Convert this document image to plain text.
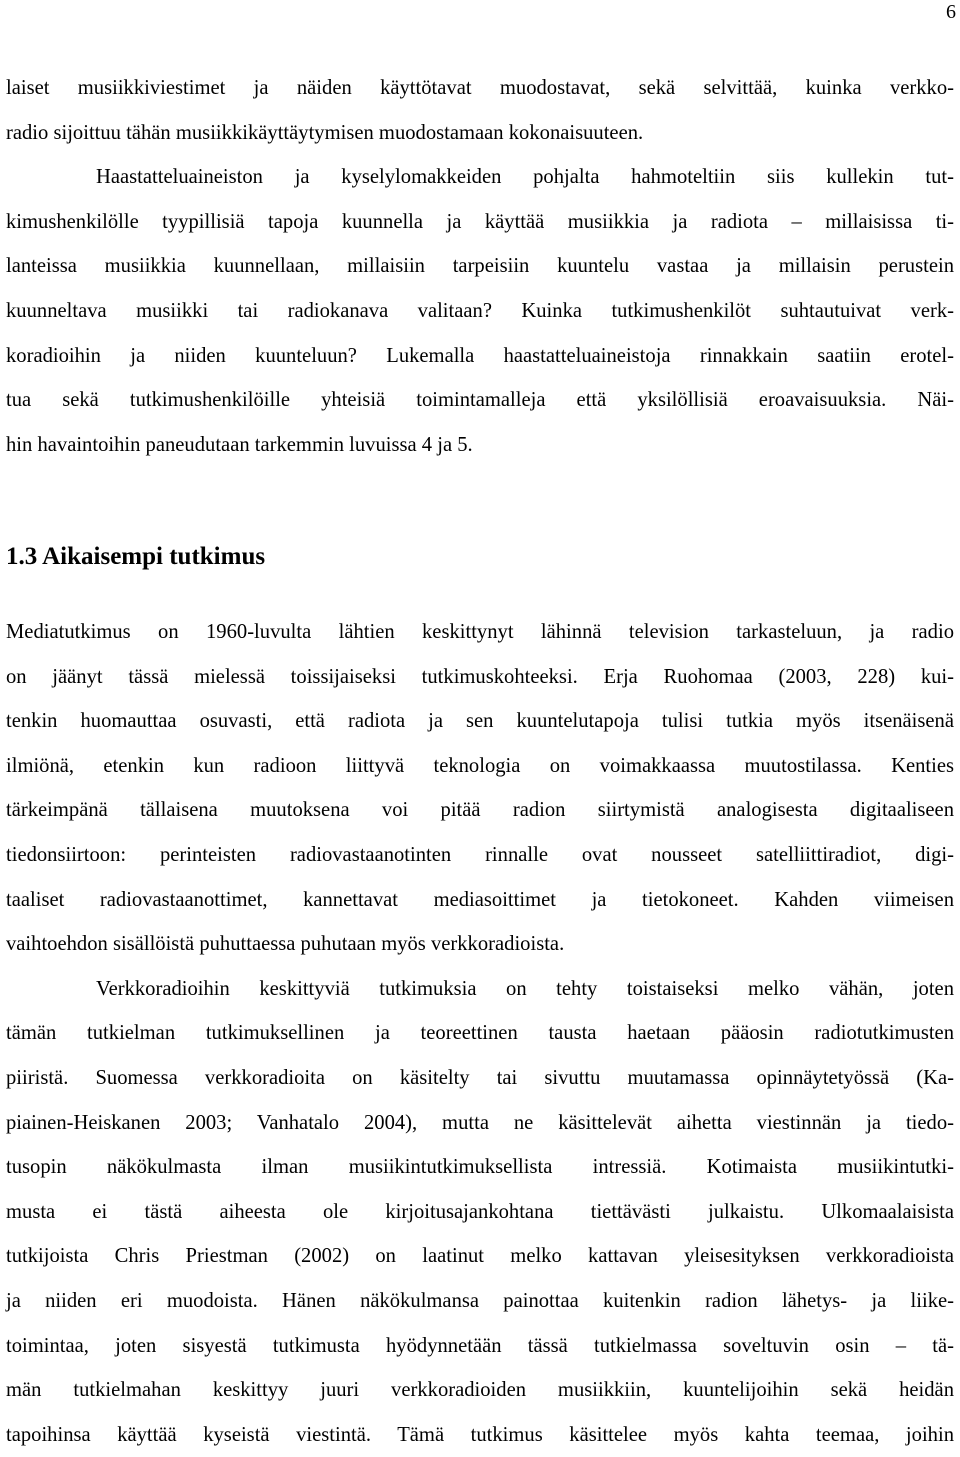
6
laiset musiikkiviestimet ja näiden käyttötavat muodostavat, sekä selvittää, kuinka verkko-
radio sijoittuu tähän musiikkikäyttäytymisen muodostamaan kokonaisuuteen.
Haastatteluaineiston ja kyselylomakkeiden pohjalta hahmoteltiin siis kullekin tut-
kimushenkilölle tyypillisiä tapoja kuunnella ja käyttää musiikkia ja radiota – millaisissa ti-
lanteissa musiikkia kuunnellaan, millaisiin tarpeisiin kuuntelu vastaa ja millaisin perustein
kuunneltava musiikki tai radiokanava valitaan? Kuinka tutkimushenkilöt suhtautuivat verk-
koradioihin ja niiden kuunteluun? Lukemalla haastatteluaineistoja rinnakkain saatiin erotel-
tua sekä tutkimushenkilöille yhteisiä toimintamalleja että yksilöllisiä eroavaisuuksia. Näi-
hin havaintoihin paneudutaan tarkemmin luvuissa 4 ja 5.
1.3 Aikaisempi tutkimus
Mediatutkimus on 1960-luvulta lähtien keskittynyt lähinnä television tarkasteluun, ja radio
on jäänyt tässä mielessä toissijaiseksi tutkimuskohteeksi. Erja Ruohomaa (2003, 228) kui-
tenkin huomauttaa osuvasti, että radiota ja sen kuuntelutapoja tulisi tutkia myös itsenäisenä
ilmiönä, etenkin kun radioon liittyvä teknologia on voimakkaassa muutostilassa. Kenties
tärkeimpänä tällaisena muutoksena voi pitää radion siirtymistä analogisesta digitaaliseen
tiedonsiirtoon: perinteisten radiovastaanotinten rinnalle ovat nousseet satelliittiradiot, digi-
taaliset radiovastaanottimet, kannettavat mediasoittimet ja tietokoneet. Kahden viimeisen
vaihtoehdon sisällöistä puhuttaessa puhutaan myös verkkoradioista.
Verkkoradioihin keskittyviä tutkimuksia on tehty toistaiseksi melko vähän, joten
tämän tutkielman tutkimuksellinen ja teoreettinen tausta haetaan pääosin radiotutkimusten
piiristä. Suomessa verkkoradioita on käsitelty tai sivuttu muutamassa opinnäytetyössä (Ka-
piainen-Heiskanen 2003; Vanhatalo 2004), mutta ne käsittelevät aihetta viestinnän ja tiedo-
tusopin näkökulmasta ilman musiikintutkimuksellista intressiä. Kotimaista musiikintutki-
musta ei tästä aiheesta ole kirjoitusajankohtana tiettävästi julkaistu. Ulkomaalaisista
tutkijoista Chris Priestman (2002) on laatinut melko kattavan yleisesityksen verkkoradioista
ja niiden eri muodoista. Hänen näkökulmansa painottaa kuitenkin radion lähetys- ja liike-
toimintaa, joten sisyestä tutkimusta hyödynnetään tässä tutkielmassa soveltuvin osin – tä-
män tutkielmahan keskittyy juuri verkkoradioiden musiikkiin, kuuntelijoihin sekä heidän
tapoihinsa käyttää kyseistä viestintä. Tämä tutkimus käsittelee myös kahta teemaa, joihin
